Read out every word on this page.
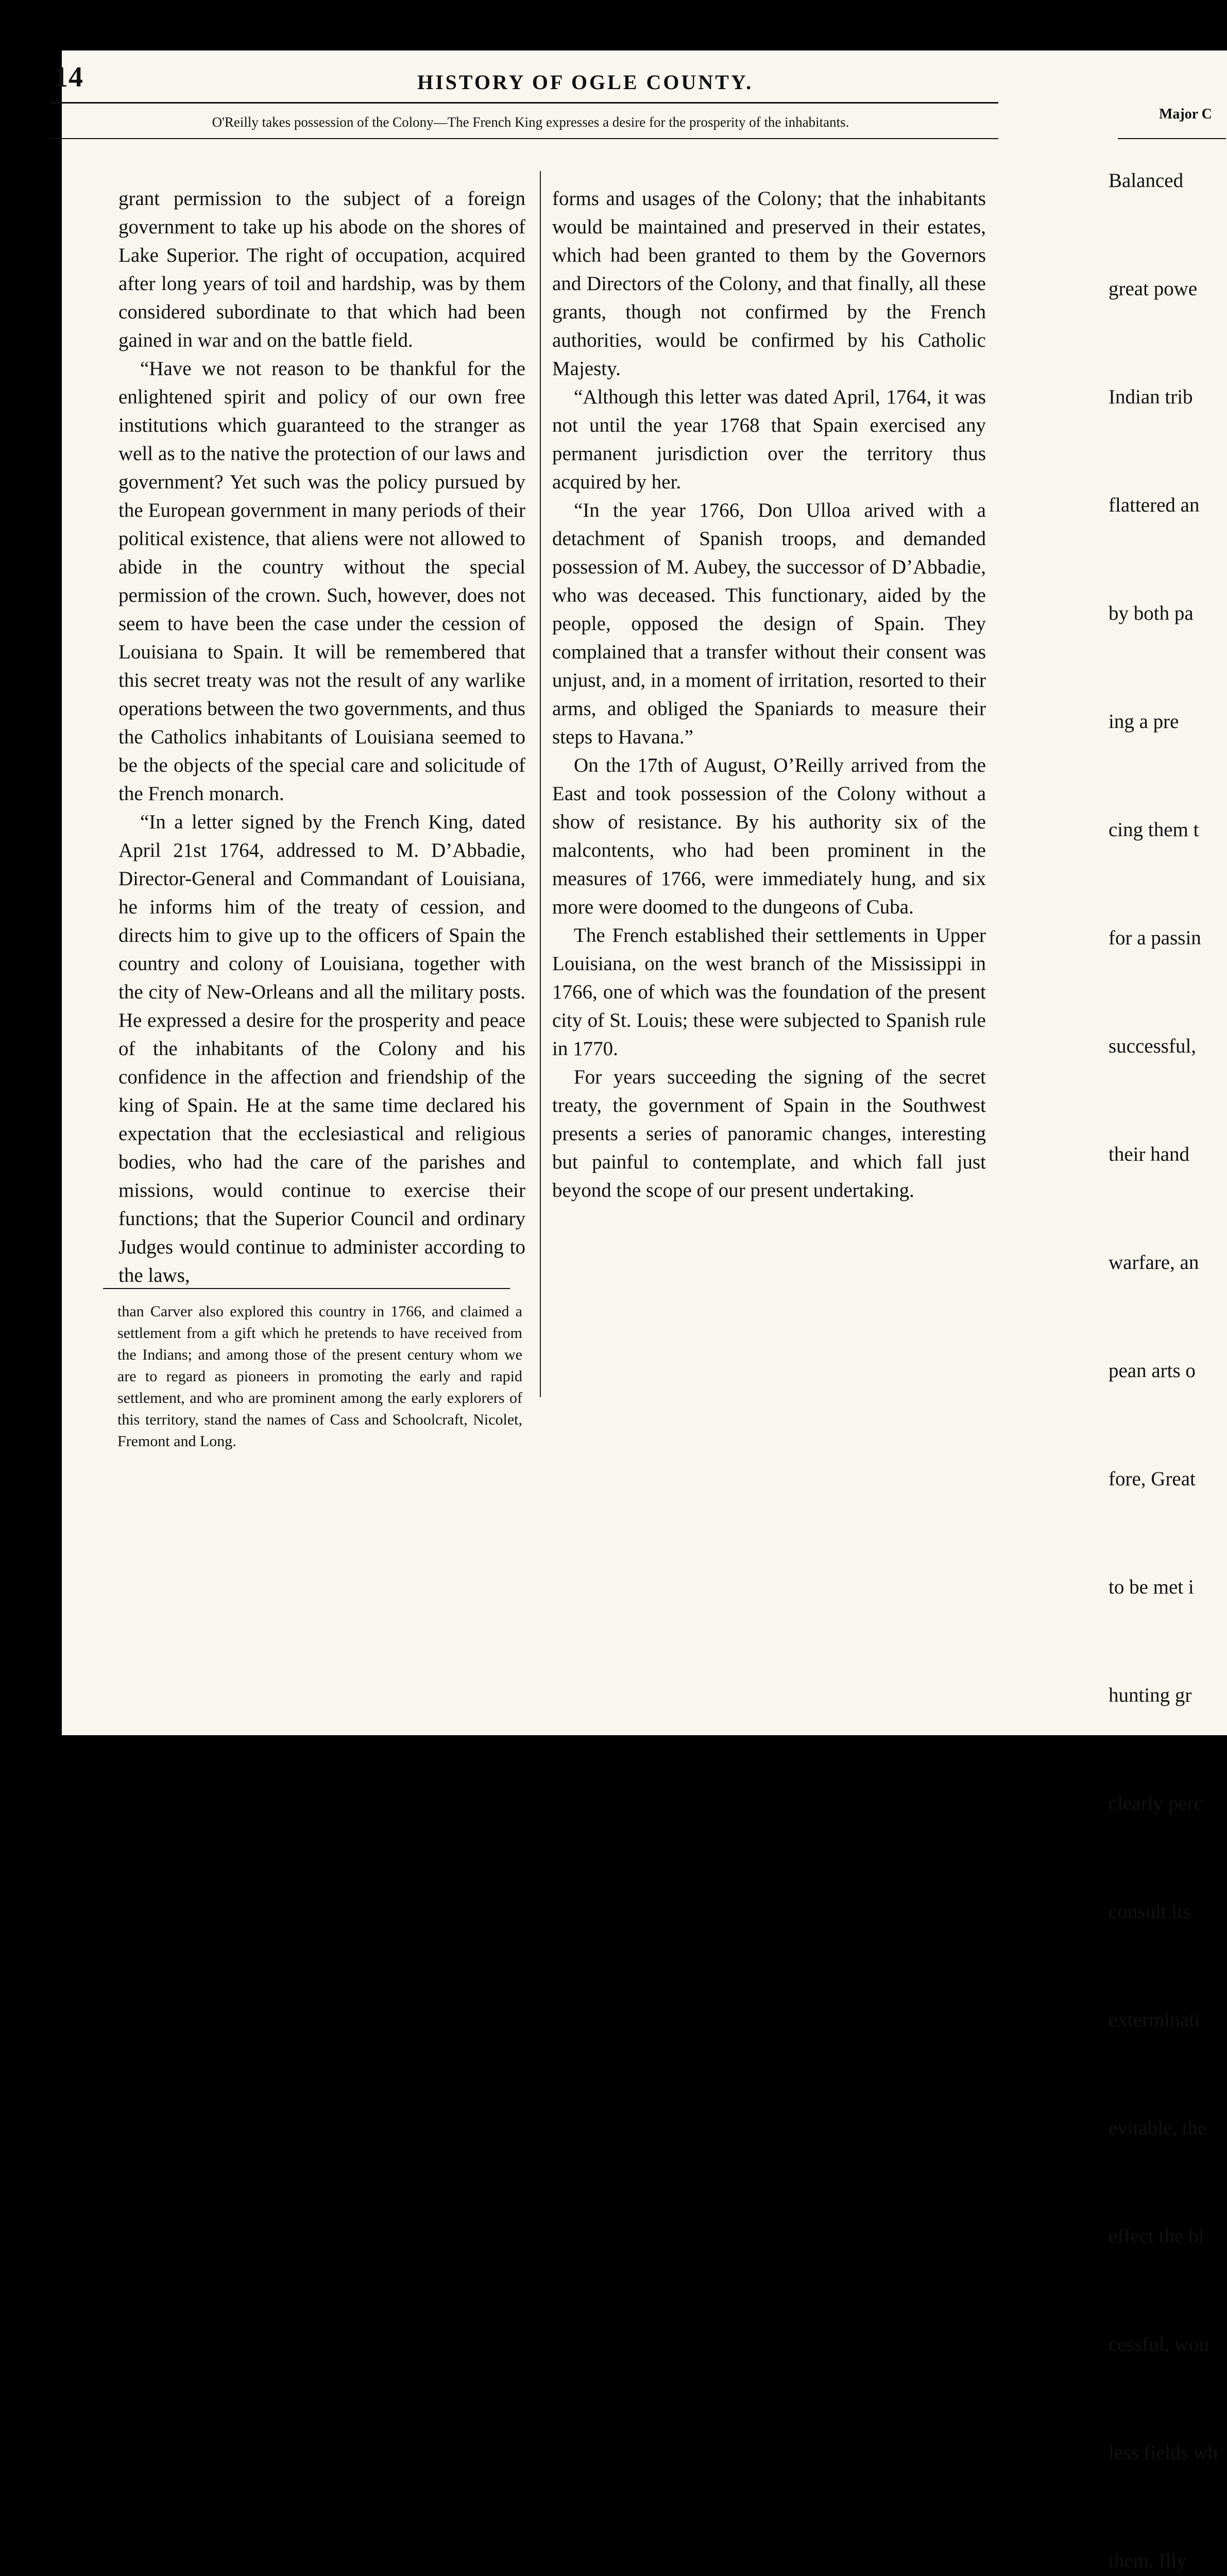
14	HISTORY OF OGLE COUNTY.
O'Reilly takes possession of the Colony—The French King expresses a desire for the prosperity of the inhabitants.

grant permission to the subject of a foreign government to take up his abode on the shores of Lake Superior. The right of occupation, acquired after long years of toil and hardship, was by them considered subordinate to that which had been gained in war and on the battle field.

“Have we not reason to be thankful for the enlightened spirit and policy of our own free institutions which guaranteed to the stranger as well as to the native the protection of our laws and government? Yet such was the policy pursued by the European government in many periods of their political existence, that aliens were not allowed to abide in the country without the special permission of the crown. Such, however, does not seem to have been the case under the cession of Louisiana to Spain. It will be remembered that this secret treaty was not the result of any warlike operations between the two governments, and thus the Catholics inhabitants of Louisiana seemed to be the objects of the special care and solicitude of the French monarch.

“In a letter signed by the French King, dated April 21st 1764, addressed to M. D’Abbadie, Director-General and Commandant of Louisiana, he informs him of the treaty of cession, and directs him to give up to the officers of Spain the country and colony of Louisiana, together with the city of New-Orleans and all the military posts. He expressed a desire for the prosperity and peace of the inhabitants of the Colony and his confidence in the affection and friendship of the king of Spain. He at the same time declared his expectation that the ecclesiastical and religious bodies, who had the care of the parishes and missions, would continue to exercise their functions; that the Superior Council and ordinary Judges would continue to administer according to the laws,

forms and usages of the Colony; that the inhabitants would be maintained and preserved in their estates, which had been granted to them by the Governors and Directors of the Colony, and that finally, all these grants, though not confirmed by the French authorities, would be confirmed by his Catholic Majesty.

“Although this letter was dated April, 1764, it was not until the year 1768 that Spain exercised any permanent jurisdiction over the territory thus acquired by her.

“In the year 1766, Don Ulloa arived with a detachment of Spanish troops, and demanded possession of M. Aubey, the successor of D’Abbadie, who was deceased. This functionary, aided by the people, opposed the design of Spain. They complained that a transfer without their consent was unjust, and, in a moment of irritation, resorted to their arms, and obliged the Spaniards to measure their steps to Havana.”

On the 17th of August, O’Reilly arrived from the East and took possession of the Colony without a show of resistance. By his authority six of the malcontents, who had been prominent in the measures of 1766, were immediately hung, and six more were doomed to the dungeons of Cuba.

The French established their settlements in Upper Louisiana, on the west branch of the Mississippi in 1766, one of which was the foundation of the present city of St. Louis; these were subjected to Spanish rule in 1770.

For years succeeding the signing of the secret treaty, the government of Spain in the Southwest presents a series of panoramic changes, interesting but painful to contemplate, and which fall just beyond the scope of our present undertaking.

than Carver also explored this country in 1766, and claimed a settlement from a gift which he pretends to have received from the Indians; and among those of the present century whom we are to regard as pioneers in promoting the early and rapid settlement, and who are prominent among the early explorers of this territory, stand the names of Cass and Schoolcraft, Nicolet, Fremont and Long.
Major C

Balanced

great powe

Indian trib

flattered an

by both pa

ing a pre

cing them t

for a passin

successful,

their hand

warfare, an

pean arts o

fore, Great

to be met i

hunting gr

clearly perc

consult its

exterminati

evitable, the

effect the bl

cessful, wou

less fields wh

them. Illy
